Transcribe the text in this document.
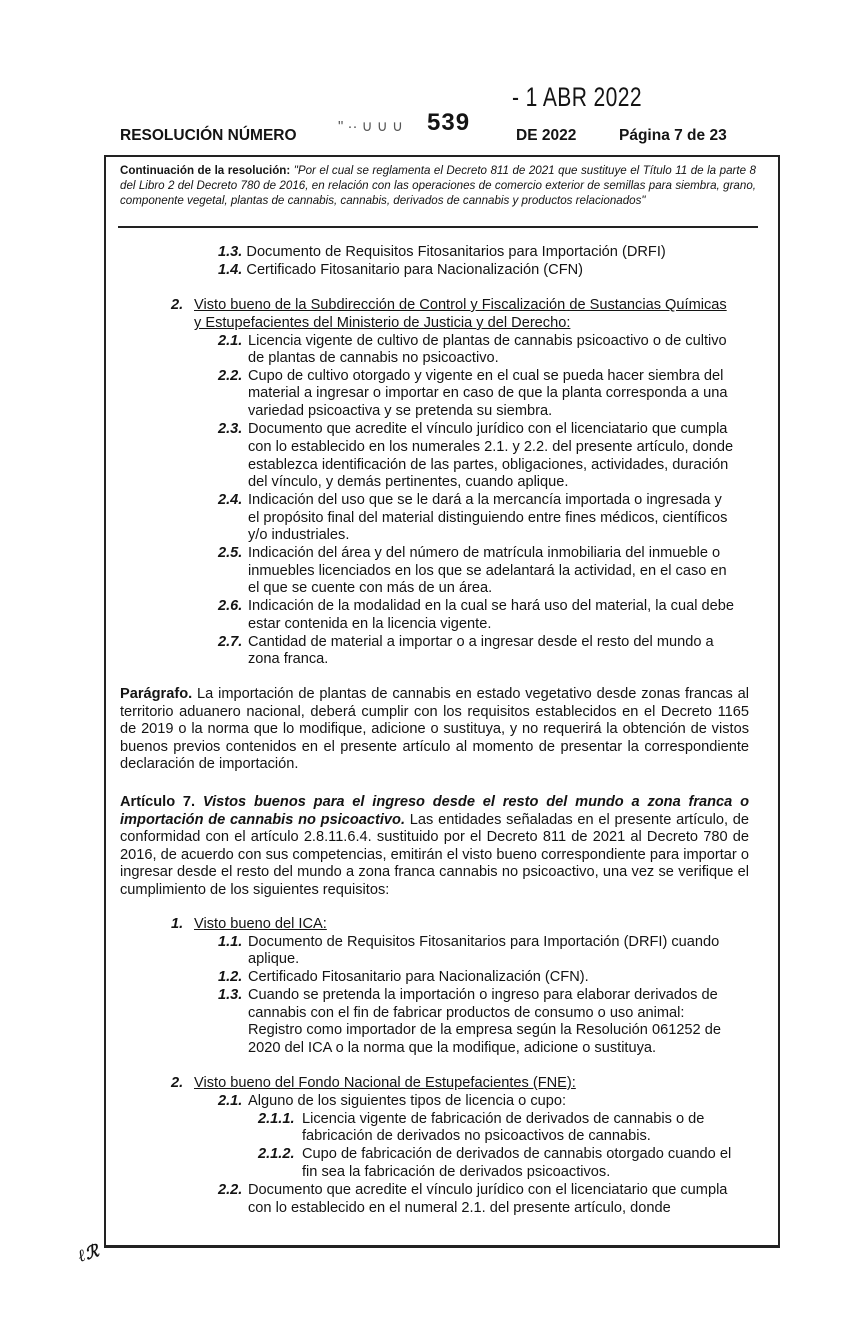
- 1 ABR 2022
RESOLUCIÓN NÚMERO
" ·· ∪ ∪ ∪ 539	DE 2022	Página 7 de 23
Continuación de la resolución: "Por el cual se reglamenta el Decreto 811 de 2021 que sustituye el Título 11 de la parte 8 del Libro 2 del Decreto 780 de 2016, en relación con las operaciones de comercio exterior de semillas para siembra, grano, componente vegetal, plantas de cannabis, cannabis, derivados de cannabis y productos relacionados"
1.3. Documento de Requisitos Fitosanitarios para Importación (DRFI)
1.4. Certificado Fitosanitario para Nacionalización (CFN)
2. Visto bueno de la Subdirección de Control y Fiscalización de Sustancias Químicas
y Estupefacientes del Ministerio de Justicia y del Derecho:
2.1. Licencia vigente de cultivo de plantas de cannabis psicoactivo o de cultivo
de plantas de cannabis no psicoactivo.
2.2. Cupo de cultivo otorgado y vigente en el cual se pueda hacer siembra del
material a ingresar o importar en caso de que la planta corresponda a una
variedad psicoactiva y se pretenda su siembra.
2.3. Documento que acredite el vínculo jurídico con el licenciatario que cumpla
con lo establecido en los numerales 2.1. y 2.2. del presente artículo, donde
establezca identificación de las partes, obligaciones, actividades, duración
del vínculo, y demás pertinentes, cuando aplique.
2.4. Indicación del uso que se le dará a la mercancía importada o ingresada y
el propósito final del material distinguiendo entre fines médicos, científicos
y/o industriales.
2.5. Indicación del área y del número de matrícula inmobiliaria del inmueble o
inmuebles licenciados en los que se adelantará la actividad, en el caso en
el que se cuente con más de un área.
2.6. Indicación de la modalidad en la cual se hará uso del material, la cual debe
estar contenida en la licencia vigente.
2.7. Cantidad de material a importar o a ingresar desde el resto del mundo a
zona franca.
Parágrafo. La importación de plantas de cannabis en estado vegetativo desde zonas francas al territorio aduanero nacional, deberá cumplir con los requisitos establecidos en el Decreto 1165 de 2019 o la norma que lo modifique, adicione o sustituya, y no requerirá la obtención de vistos buenos previos contenidos en el presente artículo al momento de presentar la correspondiente declaración de importación.
Artículo 7. Vistos buenos para el ingreso desde el resto del mundo a zona franca o importación de cannabis no psicoactivo. Las entidades señaladas en el presente artículo, de conformidad con el artículo 2.8.11.6.4. sustituido por el Decreto 811 de 2021 al Decreto 780 de 2016, de acuerdo con sus competencias, emitirán el visto bueno correspondiente para importar o ingresar desde el resto del mundo a zona franca cannabis no psicoactivo, una vez se verifique el cumplimiento de los siguientes requisitos:
1. Visto bueno del ICA:
1.1. Documento de Requisitos Fitosanitarios para Importación (DRFI) cuando
aplique.
1.2. Certificado Fitosanitario para Nacionalización (CFN).
1.3. Cuando se pretenda la importación o ingreso para elaborar derivados de
cannabis con el fin de fabricar productos de consumo o uso animal:
Registro como importador de la empresa según la Resolución 061252 de
2020 del ICA o la norma que la modifique, adicione o sustituya.
2. Visto bueno del Fondo Nacional de Estupefacientes (FNE):
2.1. Alguno de los siguientes tipos de licencia o cupo:
2.1.1. Licencia vigente de fabricación de derivados de cannabis o de
fabricación de derivados no psicoactivos de cannabis.
2.1.2. Cupo de fabricación de derivados de cannabis otorgado cuando el
fin sea la fabricación de derivados psicoactivos.
2.2. Documento que acredite el vínculo jurídico con el licenciatario que cumpla
con lo establecido en el numeral 2.1. del presente artículo, donde
ℓℛ
